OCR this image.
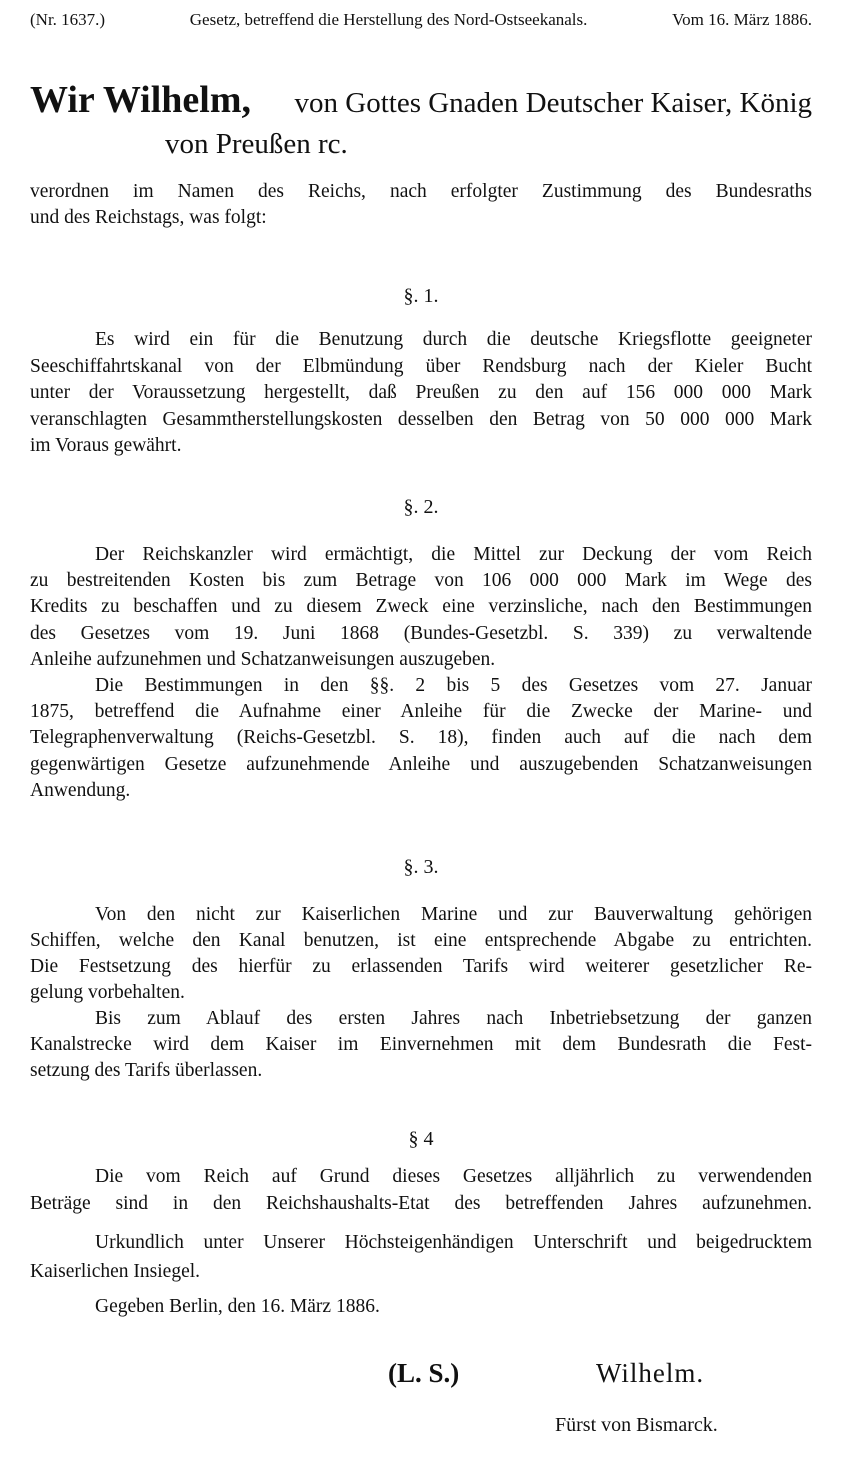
(Nr. 1637.)	Gesetz, betreffend die Herstellung des Nord-Ostseekanals.	Vom 16. März 1886.
Wir Wilhelm, von Gottes Gnaden Deutscher Kaiser, König
von Preußen rc.
verordnen im Namen des Reichs, nach erfolgter Zustimmung des Bundesraths
und des Reichstags, was folgt:
§. 1.
Es wird ein für die Benutzung durch die deutsche Kriegsflotte geeigneter
Seeschiffahrtskanal von der Elbmündung über Rendsburg nach der Kieler Bucht
unter der Voraussetzung hergestellt, daß Preußen zu den auf 156 000 000 Mark
veranschlagten Gesammtherstellungskosten desselben den Betrag von 50 000 000 Mark
im Voraus gewährt.
§. 2.
Der Reichskanzler wird ermächtigt, die Mittel zur Deckung der vom Reich
zu bestreitenden Kosten bis zum Betrage von 106 000 000 Mark im Wege des
Kredits zu beschaffen und zu diesem Zweck eine verzinsliche, nach den Bestimmungen
des Gesetzes vom 19. Juni 1868 (Bundes-Gesetzbl. S. 339) zu verwaltende
Anleihe aufzunehmen und Schatzanweisungen auszugeben.
Die Bestimmungen in den §§. 2 bis 5 des Gesetzes vom 27. Januar
1875, betreffend die Aufnahme einer Anleihe für die Zwecke der Marine- und
Telegraphenverwaltung (Reichs-Gesetzbl. S. 18), finden auch auf die nach dem
gegenwärtigen Gesetze aufzunehmende Anleihe und auszugebenden Schatzanweisungen
Anwendung.
§. 3.
Von den nicht zur Kaiserlichen Marine und zur Bauverwaltung gehörigen
Schiffen, welche den Kanal benutzen, ist eine entsprechende Abgabe zu entrichten.
Die Festsetzung des hierfür zu erlassenden Tarifs wird weiterer gesetzlicher Re-
gelung vorbehalten.
Bis zum Ablauf des ersten Jahres nach Inbetriebsetzung der ganzen
Kanalstrecke wird dem Kaiser im Einvernehmen mit dem Bundesrath die Fest-
setzung des Tarifs überlassen.
§ 4
Die vom Reich auf Grund dieses Gesetzes alljährlich zu verwendenden
Beträge sind in den Reichshaushalts-Etat des betreffenden Jahres aufzunehmen.
Urkundlich unter Unserer Höchsteigenhändigen Unterschrift und beigedrucktem
Kaiserlichen Insiegel.
Gegeben Berlin, den 16. März 1886.
(L. S.)	Wilhelm.
Fürst von Bismarck.
